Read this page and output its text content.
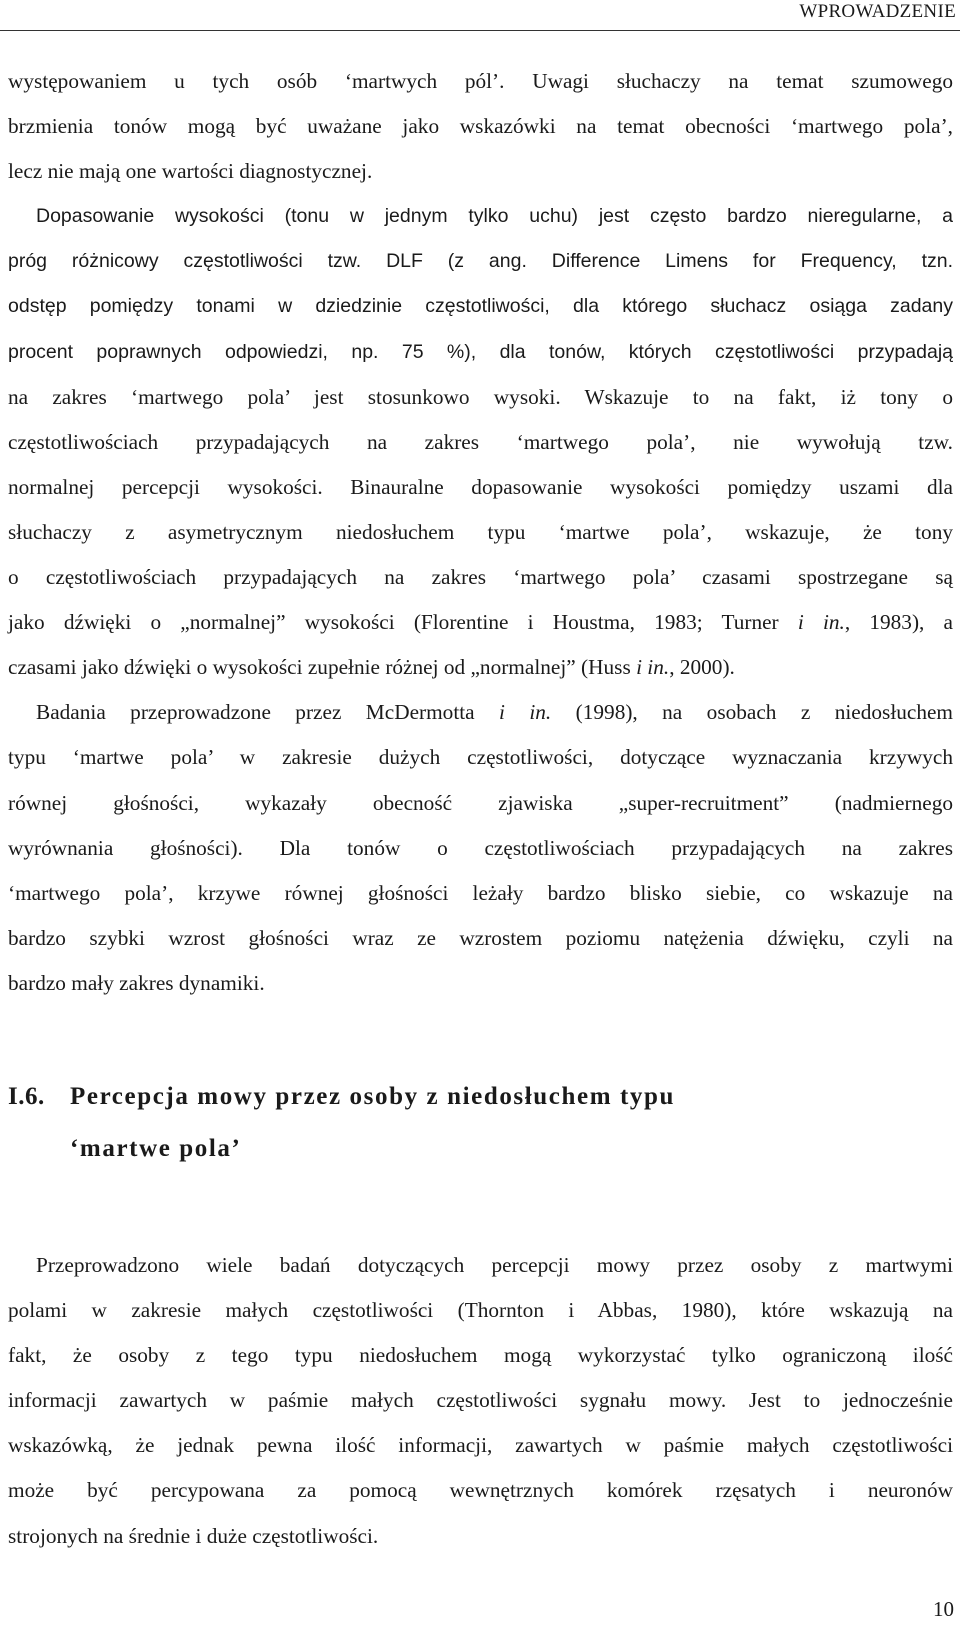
WPROWADZENIE
występowaniem u tych osób ‘martwych pól’. Uwagi słuchaczy na temat szumowego
brzmienia tonów mogą być uważane jako wskazówki na temat obecności ‘martwego pola’,
lecz nie mają one wartości diagnostycznej.
Dopasowanie wysokości (tonu w jednym tylko uchu) jest często bardzo nieregularne, a
próg różnicowy częstotliwości tzw. DLF (z ang. Difference Limens for Frequency, tzn.
odstęp pomiędzy tonami w dziedzinie częstotliwości, dla którego słuchacz osiąga zadany
procent poprawnych odpowiedzi, np. 75 %), dla tonów, których częstotliwości przypadają
na zakres ‘martwego pola’ jest stosunkowo wysoki. Wskazuje to na fakt, iż tony o
częstotliwościach przypadających na zakres ‘martwego pola’, nie wywołują tzw.
normalnej percepcji wysokości. Binauralne dopasowanie wysokości pomiędzy uszami dla
słuchaczy z asymetrycznym niedosłuchem typu ‘martwe pola’, wskazuje, że tony
o częstotliwościach przypadających na zakres ‘martwego pola’ czasami spostrzegane są
jako dźwięki o „normalnej” wysokości (Florentine i Houstma, 1983; Turner i in., 1983), a
czasami jako dźwięki o wysokości zupełnie różnej od „normalnej” (Huss i in., 2000).
Badania przeprowadzone przez McDermotta i in. (1998), na osobach z niedosłuchem
typu ‘martwe pola’ w zakresie dużych częstotliwości, dotyczące wyznaczania krzywych
równej głośności, wykazały obecność zjawiska „super-recruitment” (nadmiernego
wyrównania głośności). Dla tonów o częstotliwościach przypadających na zakres
‘martwego pola’, krzywe równej głośności leżały bardzo blisko siebie, co wskazuje na
bardzo szybki wzrost głośności wraz ze wzrostem poziomu natężenia dźwięku, czyli na
bardzo mały zakres dynamiki.
I.6. Percepcja mowy przez osoby z niedosłuchem typu
‘martwe pola’
Przeprowadzono wiele badań dotyczących percepcji mowy przez osoby z martwymi
polami w zakresie małych częstotliwości (Thornton i Abbas, 1980), które wskazują na
fakt, że osoby z tego typu niedosłuchem mogą wykorzystać tylko ograniczoną ilość
informacji zawartych w paśmie małych częstotliwości sygnału mowy. Jest to jednocześnie
wskazówką, że jednak pewna ilość informacji, zawartych w paśmie małych częstotliwości
może być percypowana za pomocą wewnętrznych komórek rzęsatych i neuronów
strojonych na średnie i duże częstotliwości.
10
